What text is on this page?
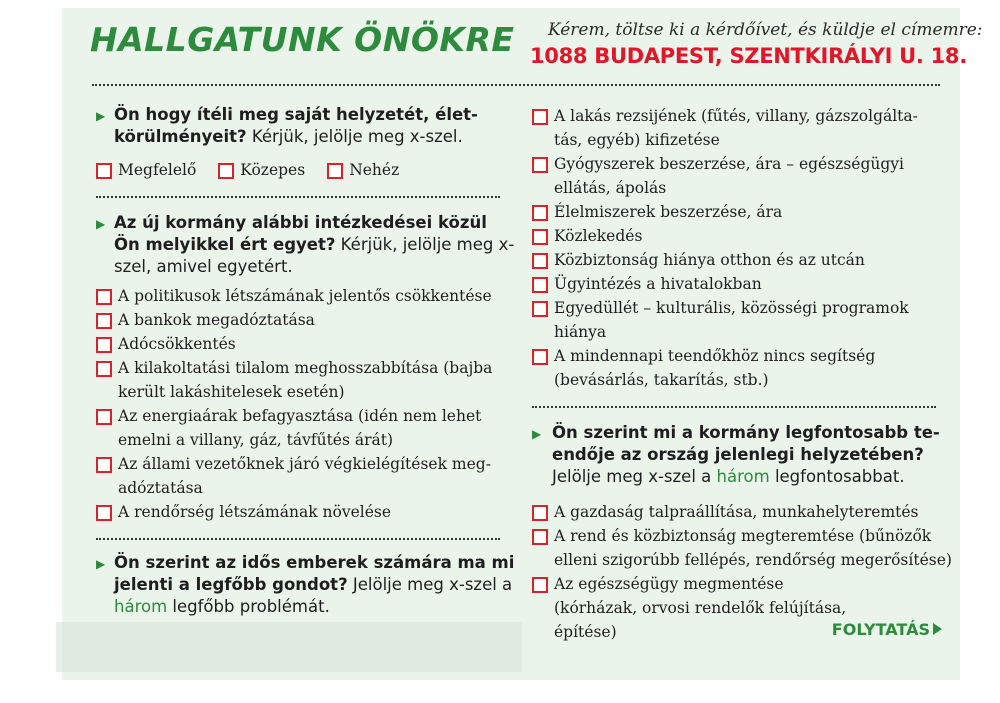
HALLGATUNK ÖNÖKRE Kérem, töltse ki a kérdőívet, és küldje el címemre:
1088 BUDAPEST, SZENTKIRÁLYI U. 18.
▶ Ön hogy ítéli meg saját helyzetét, élet-körülményeit? Kérjük, jelölje meg x-szel.
Megfelelő	Közepes	Nehéz
▶ Az új kormány alábbi intézkedései közül Ön melyikkel ért egyet? Kérjük, jelölje meg x-szel, amivel egyetért.
A politikusok létszámának jelentős csökkentése
A bankok megadóztatása
Adócsökkentés
A kilakoltatási tilalom meghosszabbítása (bajba került lakáshitelesek esetén)
Az energiaárak befagyasztása (idén nem lehet emelni a villany, gáz, távfűtés árát)
Az állami vezetőknek járó végkielégítések meg-adóztatása
A rendőrség létszámának növelése
▶ Ön szerint az idős emberek számára ma mi jelenti a legfőbb gondot? Jelölje meg x-szel a három legfőbb problémát.
A lakás rezsijének (fűtés, villany, gázszolgálta-tás, egyéb) kifizetése
Gyógyszerek beszerzése, ára – egészségügyi ellátás, ápolás
Élelmiszerek beszerzése, ára
Közlekedés
Közbiztonság hiánya otthon és az utcán
Ügyintézés a hivatalokban
Egyedüllét – kulturális, közösségi programok hiánya
A mindennapi teendőkhöz nincs segítség (bevásárlás, takarítás, stb.)
▶ Ön szerint mi a kormány legfontosabb te-endője az ország jelenlegi helyzetében? Jelölje meg x-szel a három legfontosabbat.
A gazdaság talpraállítása, munkahelyteremtés
A rend és közbiztonság megteremtése (bűnözők elleni szigorúbb fellépés, rendőrség megerősítése)
Az egészségügy megmentése (kórházak, orvosi rendelők felújítása, építése)	FOLYTATÁS
